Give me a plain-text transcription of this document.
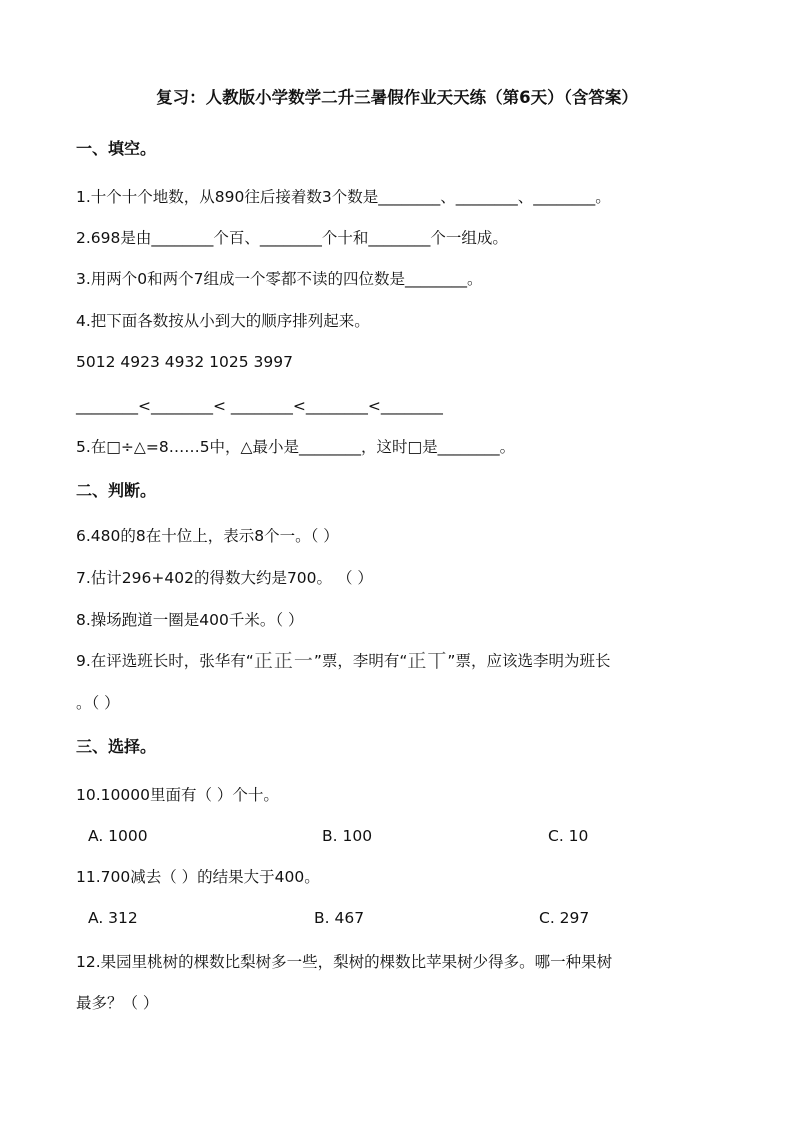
复习：人教版小学数学二升三暑假作业天天练（第6天）（含答案）
一、填空。
1.十个十个地数，从890往后接着数3个数是________、________、________。
2.698是由________个百、________个十和________个一组成。
3.用两个0和两个7组成一个零都不读的四位数是________。
4.把下面各数按从小到大的顺序排列起来。
5012 4923 4932 1025 3997
________<________< ________<________<________
5.在□÷△=8……5中，△最小是________，这时□是________。
二、判断。
6.480的8在十位上，表示8个一。（ ）
7.估计296+402的得数大约是700。 （ ）
8.操场跑道一圈是400千米。（ ）
9.在评选班长时，张华有“正正一”票，李明有“正丅”票，应该选李明为班长
。（ ）
三、选择。
10.10000里面有（ ）个十。
A. 1000	B. 100	C. 10
11.700减去（ ）的结果大于400。
A. 312	B. 467	C. 297
12.果园里桃树的棵数比梨树多一些，梨树的棵数比苹果树少得多。哪一种果树
最多？（ ）
